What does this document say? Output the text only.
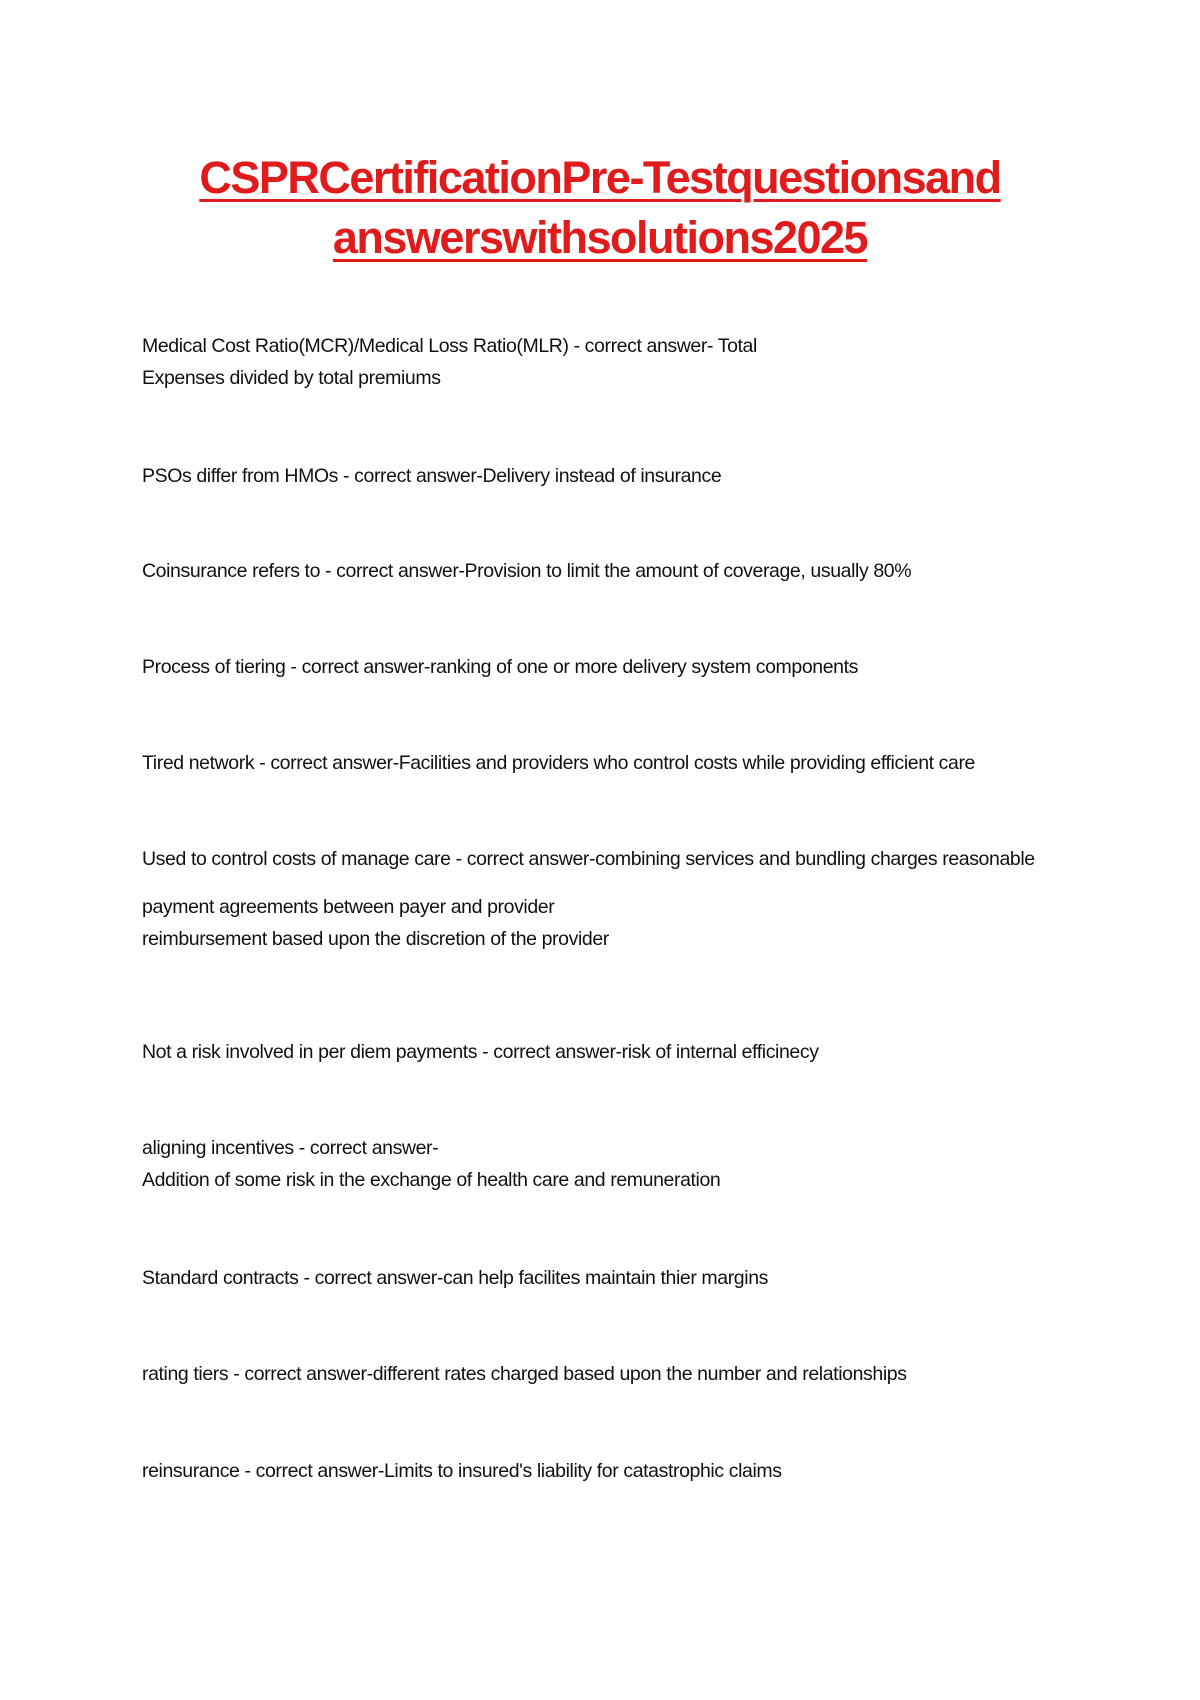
CSPRCertificationPre-Testquestionsand
answerswithsolutions2025
Medical Cost Ratio(MCR)/Medical Loss Ratio(MLR) - correct answer- Total
Expenses divided by total premiums
PSOs differ from HMOs - correct answer-Delivery instead of insurance
Coinsurance refers to - correct answer-Provision to limit the amount of coverage, usually 80%
Process of tiering - correct answer-ranking of one or more delivery system components
Tired network - correct answer-Facilities and providers who control costs while providing efficient care
Used to control costs of manage care - correct answer-combining services and bundling charges reasonable
payment agreements between payer and provider
reimbursement based upon the discretion of the provider
Not a risk involved in per diem payments - correct answer-risk of internal efficinecy
aligning incentives - correct answer-
Addition of some risk in the exchange of health care and remuneration
Standard contracts - correct answer-can help facilites maintain thier margins
rating tiers - correct answer-different rates charged based upon the number and relationships
reinsurance - correct answer-Limits to insured's liability for catastrophic claims
